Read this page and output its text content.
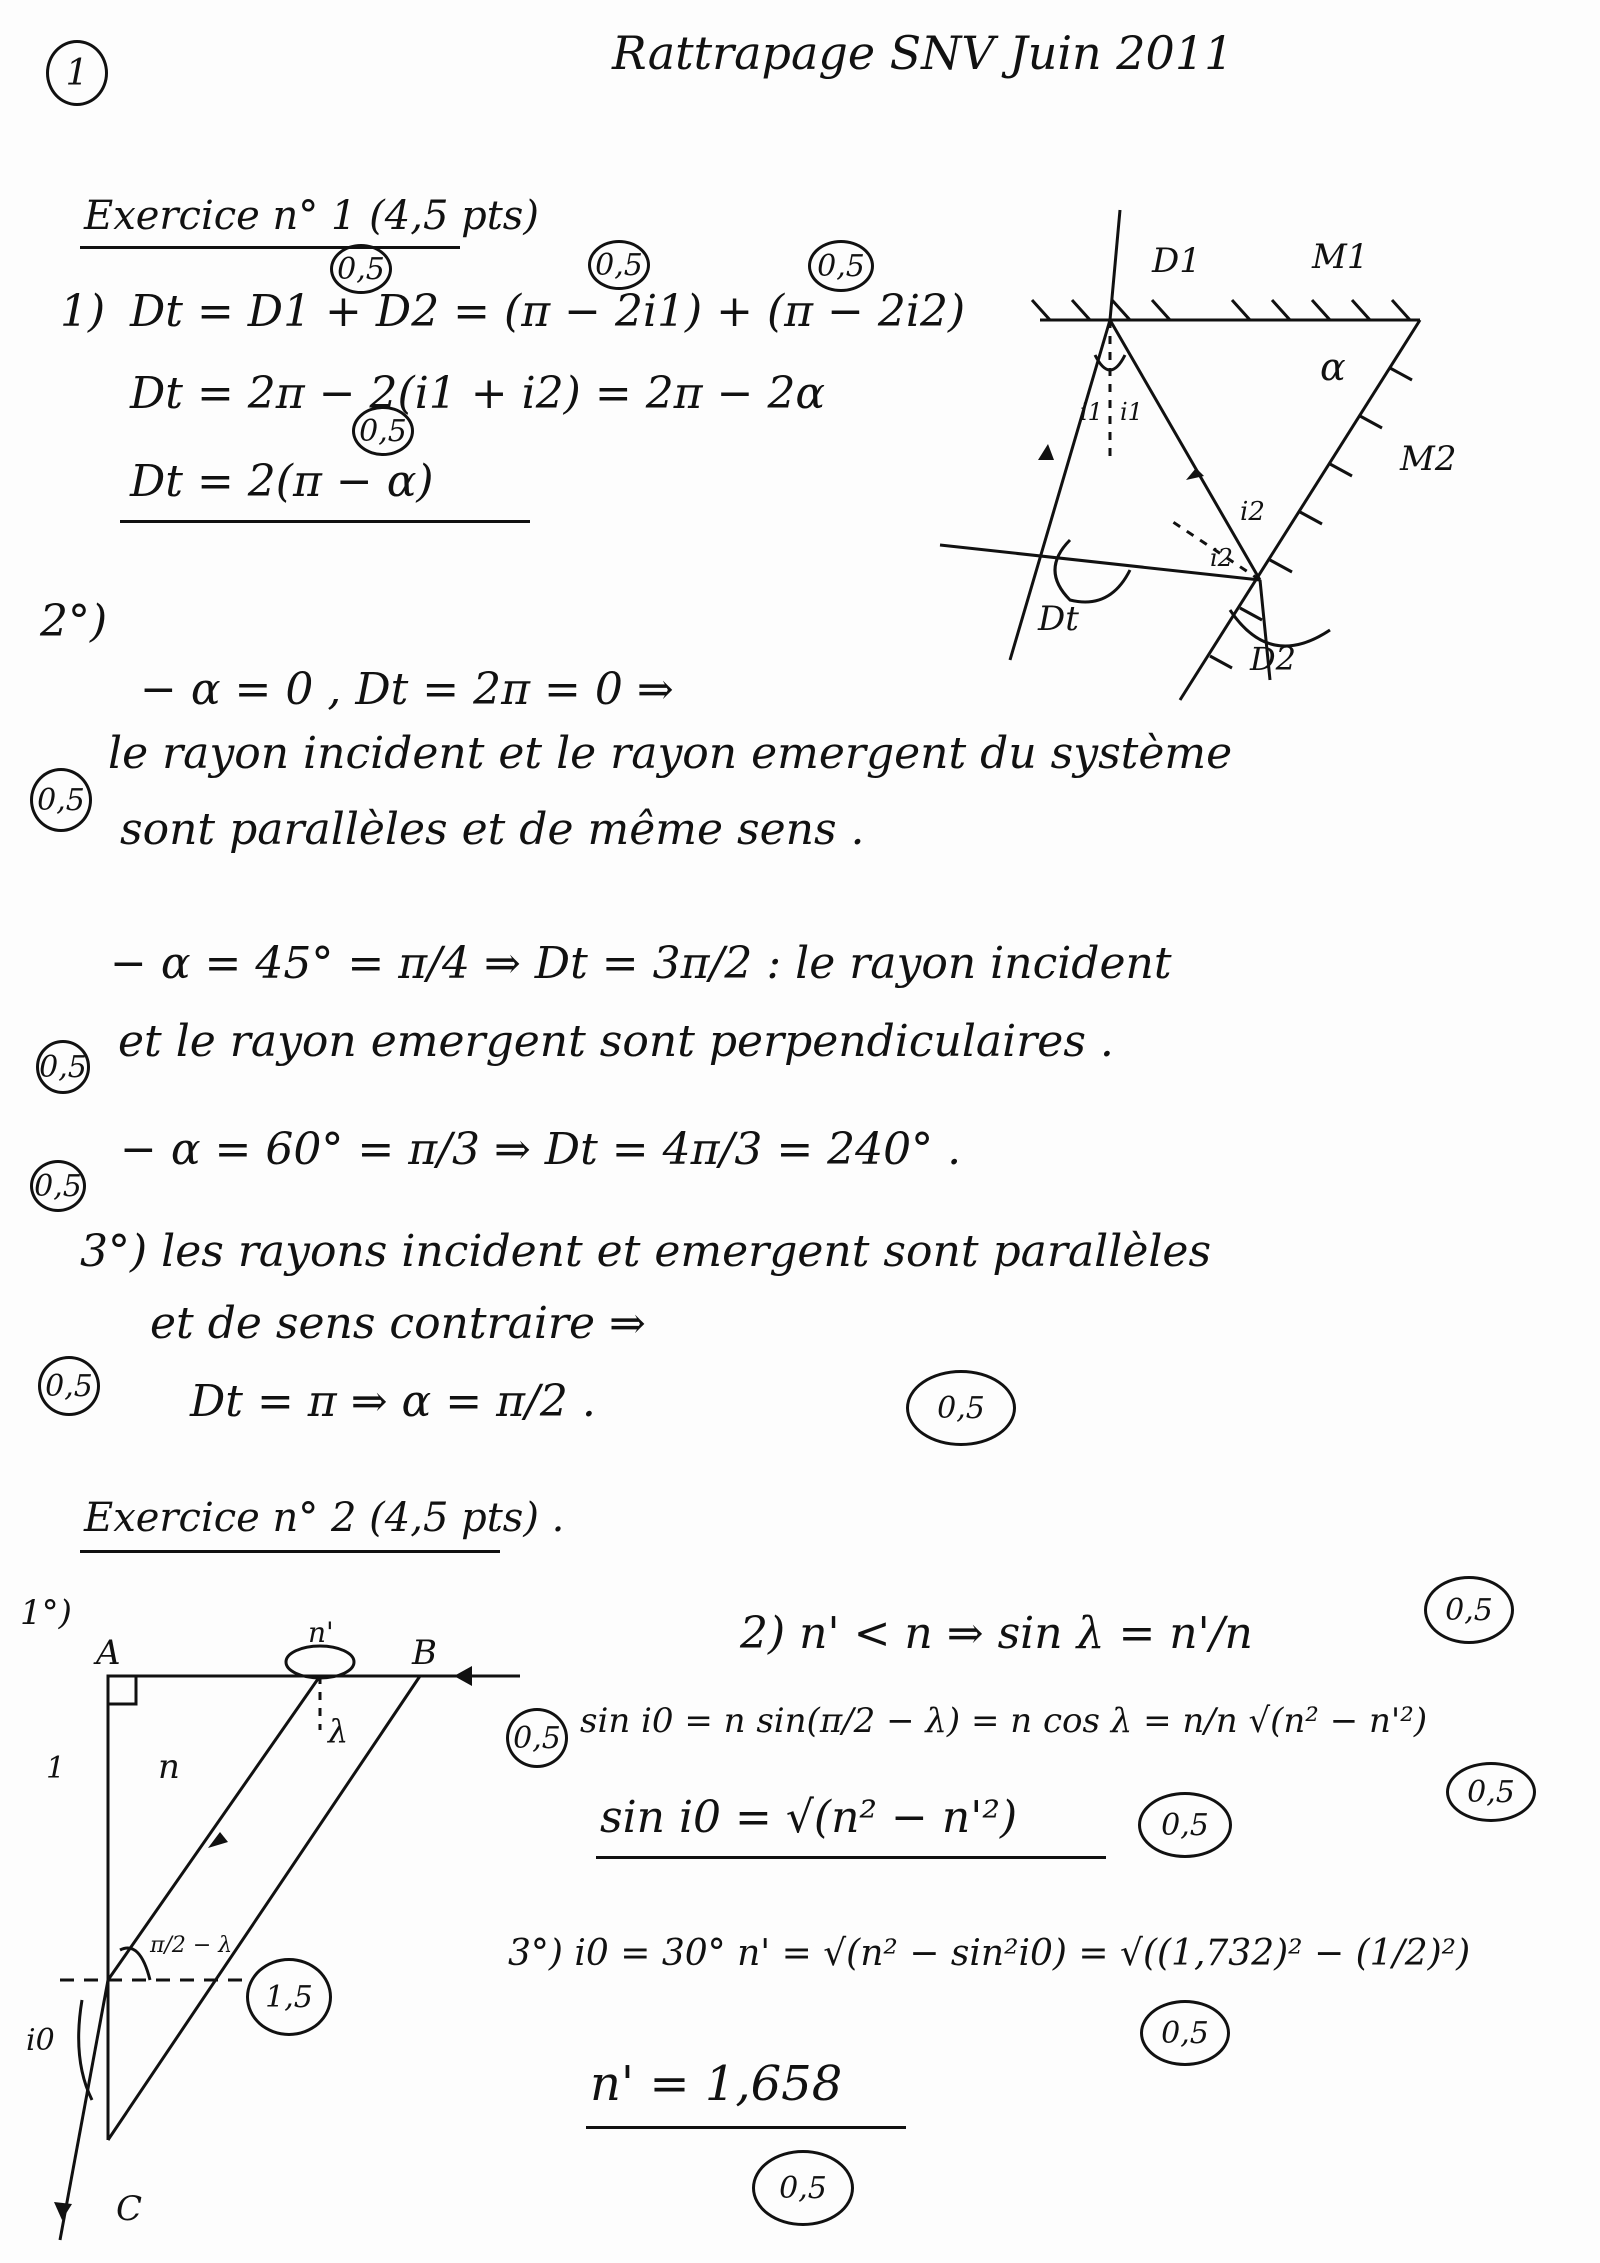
1	Rattrapage SNV Juin 2011
Exercice n° 1 (4,5 pts)
1) Dt = D1 + D2 = (π − 2i1) + (π − 2i2)
Dt = 2π − 2(i1 + i2) = 2π − 2α
Dt = 2(π − α)
0,5	0,5	0,5
0,5
D1	M1
α
M2
i1 i1
i2
i2
Dt
D2
2°)
− α = 0 , Dt = 2π = 0 ⇒
0,5
le rayon incident et le rayon emergent du système
sont parallèles et de même sens .
− α = 45° = π/4 ⇒ Dt = 3π/2 : le rayon incident
0,5 et le rayon emergent sont perpendiculaires .
− α = 60° = π/3 ⇒ Dt = 4π/3 = 240° .
0,5
3°) les rayons incident et emergent sont parallèles
et de sens contraire ⇒
0,5 Dt = π ⇒ α = π/2 .	0,5
Exercice n° 2 (4,5 pts) .
1°)
A	B
C
n'
n
1
λ
π/2 − λ
i0
1,5
2) n' < n ⇒ sin λ = n'/n	0,5
0,5 sin i0 = n sin(π/2 − λ) = n cos λ = n/n √(n² − n'²)
sin i0 = √(n² − n'²)	0,5
0,5
3°) i0 = 30° n' = √(n² − sin²i0) = √((1,732)² − (1/2)²)
0,5
n' = 1,658
0,5
